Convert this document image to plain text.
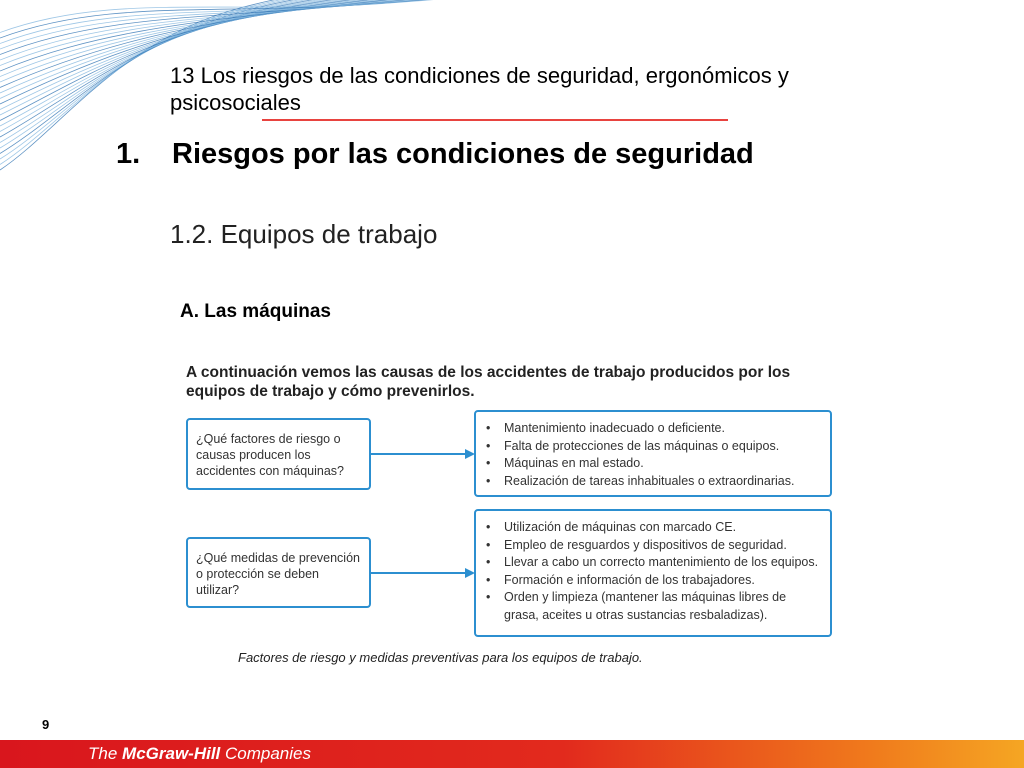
13 Los riesgos de las condiciones de seguridad, ergonómicos y psicosociales
1. Riesgos por las condiciones de seguridad
1.2. Equipos de trabajo
A. Las máquinas
A continuación vemos las causas de los accidentes de trabajo producidos por los equipos de trabajo y cómo prevenirlos.
¿Qué factores de riesgo o causas producen los accidentes con máquinas?
• Mantenimiento inadecuado o deficiente.
• Falta de protecciones de las máquinas o equipos.
• Máquinas en mal estado.
• Realización de tareas inhabituales o extraordinarias.
¿Qué medidas de prevención o protección se deben utilizar?
• Utilización de máquinas con marcado CE.
• Empleo de resguardos y dispositivos de seguridad.
• Llevar a cabo un correcto mantenimiento de los equipos.
• Formación e información de los trabajadores.
• Orden y limpieza (mantener las máquinas libres de grasa, aceites u otras sustancias resbaladizas).
Factores de riesgo y medidas preventivas para los equipos de trabajo.
9
The McGraw-Hill Companies
